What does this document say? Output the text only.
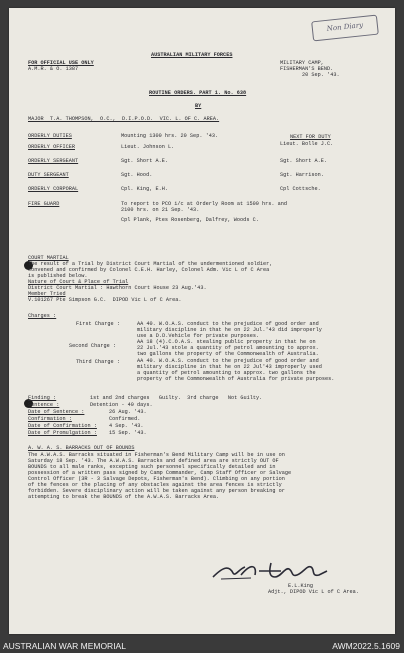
Non Diary
FOR OFFICIAL USE ONLY
A.M.R. & O. 1387
AUSTRALIAN MILITARY FORCES
MILITARY CAMP,
FISHERMAN'S BEND.
20 Sep. '43.
ROUTINE ORDERS. PART 1. No. 638
BY
MAJOR  T.A. THOMPSON,  O.C.,  D.I.P.O.D.  VIC. L. OF C. AREA.
ORDERLY DUTIES	Mounting 1300 hrs. 20 Sep. '43.	NEXT FOR DUTY
ORDERLY OFFICER	Lieut. Johnson L.	Lieut. Bolle J.C.
ORDERLY SERGEANT	Sgt. Short A.E.	Sgt. Short A.E.
DUTY SERGEANT	Sgt. Hood.	Sgt. Harrison.
ORDERLY CORPORAL	Cpl. King, E.H.	Cpl Cottsche.
FIRE GUARD	To report to PCO i/c at Orderly Room at 1500 hrs. and
2100 hrs. on 21 Sep. '43.
Cpl Plank, Ptes Rosenberg, Dalfrey, Woods C.
COURT MARTIAL
The result of a Trial by District Court Martial of the undermentioned soldier,
convened and confirmed by Colonel C.E.H. Harley, Colonel Adm. Vic L of C Area
is published below.
Nature of Court & Place of Trial
District Court Martial : Hawthorn Court House 23 Aug.'43.
Member Tried
V.101267 Pte Simpson G.C.  DIPOD Vic L of C Area.
Charges :
First Charge :	AA 40. W.O.A.S. conduct to the prejudice of good order and
military discipline in that he on 22 Jul.'43 did improperly
use a D.D.Vehicle for private purposes.
Second Charge :
AA 18 (4).C.O.A.S. stealing public property in that he on
22 Jul.'43 stole a quantity of petrol amounting to approx.
two gallons the property of the Commonwealth of Australia.
Third Charge :	AA 40. W.O.A.S. conduct to the prejudice of good order and
military discipline in that he on 22 Jul'43 improperly used
a quantity of petrol amounting to approx. two gallons the
property of the Commonwealth of Australia for private purposes.
Finding :	1st and 2nd charges   Guilty.  3rd charge   Not Guilty.
Sentence :	Detention - 40 days.
Date of Sentence :	26 Aug. '43.
Confirmation :	Confirmed.
Date of Confirmation : 4 Sep. '43.
Date of Promulgation : 15 Sep. '43.
A. W. A. S. BARRACKS OUT OF BOUNDS
The A.W.A.S. Barracks situated in Fisherman's Bend Military Camp will be in use on
Saturday 18 Sep. '43. The A.W.A.S. Barracks and defined area are strictly OUT OF
BOUNDS to all male ranks, excepting such personnel specifically detailed and in
possession of a written pass signed by Camp Commander, Camp Staff Officer or Salvage
Control Officer (3R - 3 Salvage Depots, Fisherman's Bend). Climbing on any portion
of the fences or the placing of any obstacles against the area fences is strictly
forbidden. Severe disciplinary action will be taken against any person breaking or
attempting to break the BOUNDS of the A.W.A.S. Barracks Area.
E.L.King
Adjt., DIPOD Vic L of C Area.
AUSTRALIAN WAR MEMORIAL	AWM2022.5.1609
